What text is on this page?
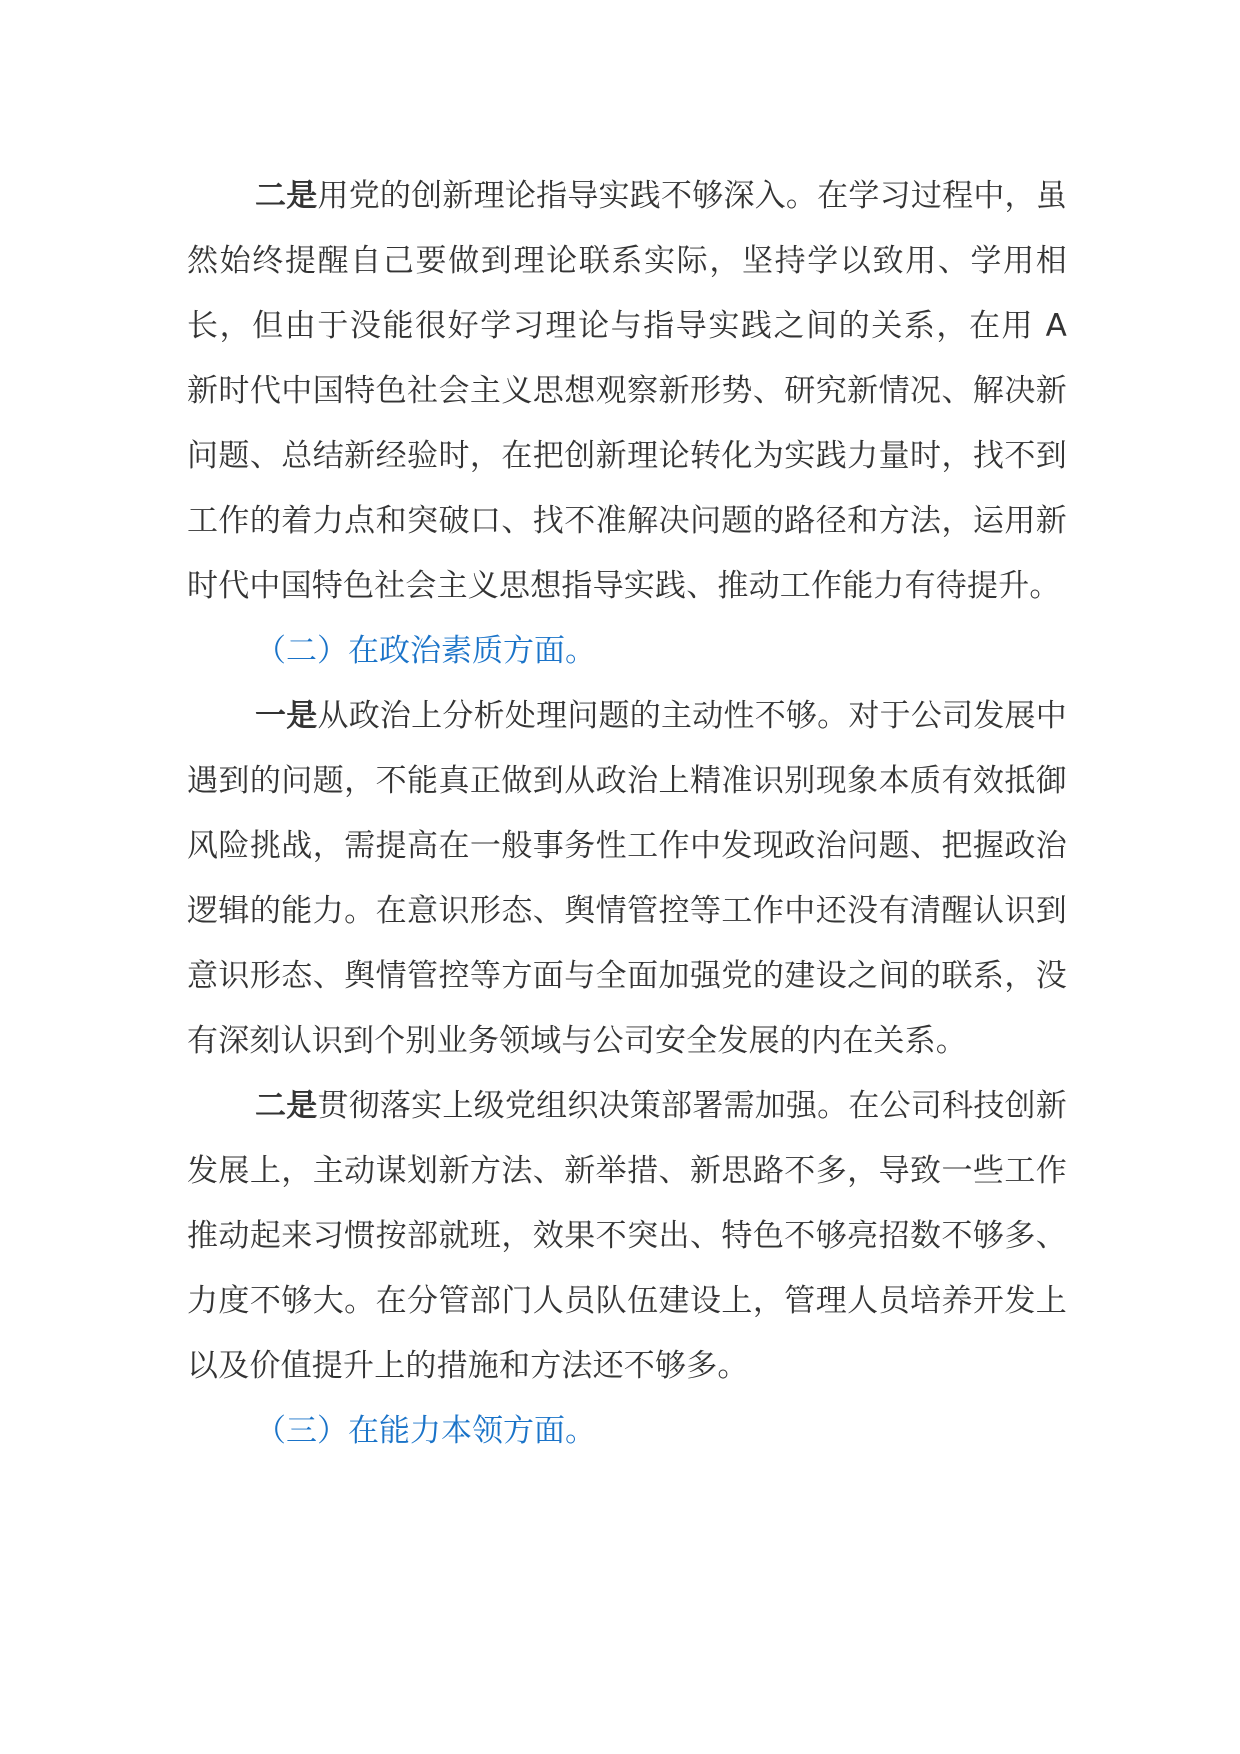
二是用党的创新理论指导实践不够深入。在学习过程中，虽然始终提醒自己要做到理论联系实际，坚持学以致用、学用相长，但由于没能很好学习理论与指导实践之间的关系，在用 A 新时代中国特色社会主义思想观察新形势、研究新情况、解决新问题、总结新经验时，在把创新理论转化为实践力量时，找不到工作的着力点和突破口、找不准解决问题的路径和方法，运用新时代中国特色社会主义思想指导实践、推动工作能力有待提升。

（二）在政治素质方面。

一是从政治上分析处理问题的主动性不够。对于公司发展中遇到的问题，不能真正做到从政治上精准识别现象本质有效抵御风险挑战，需提高在一般事务性工作中发现政治问题、把握政治逻辑的能力。在意识形态、舆情管控等工作中还没有清醒认识到意识形态、舆情管控等方面与全面加强党的建设之间的联系，没有深刻认识到个别业务领域与公司安全发展的内在关系。

二是贯彻落实上级党组织决策部署需加强。在公司科技创新发展上，主动谋划新方法、新举措、新思路不多，导致一些工作推动起来习惯按部就班，效果不突出、特色不够亮招数不够多、力度不够大。在分管部门人员队伍建设上，管理人员培养开发上以及价值提升上的措施和方法还不够多。

（三）在能力本领方面。
